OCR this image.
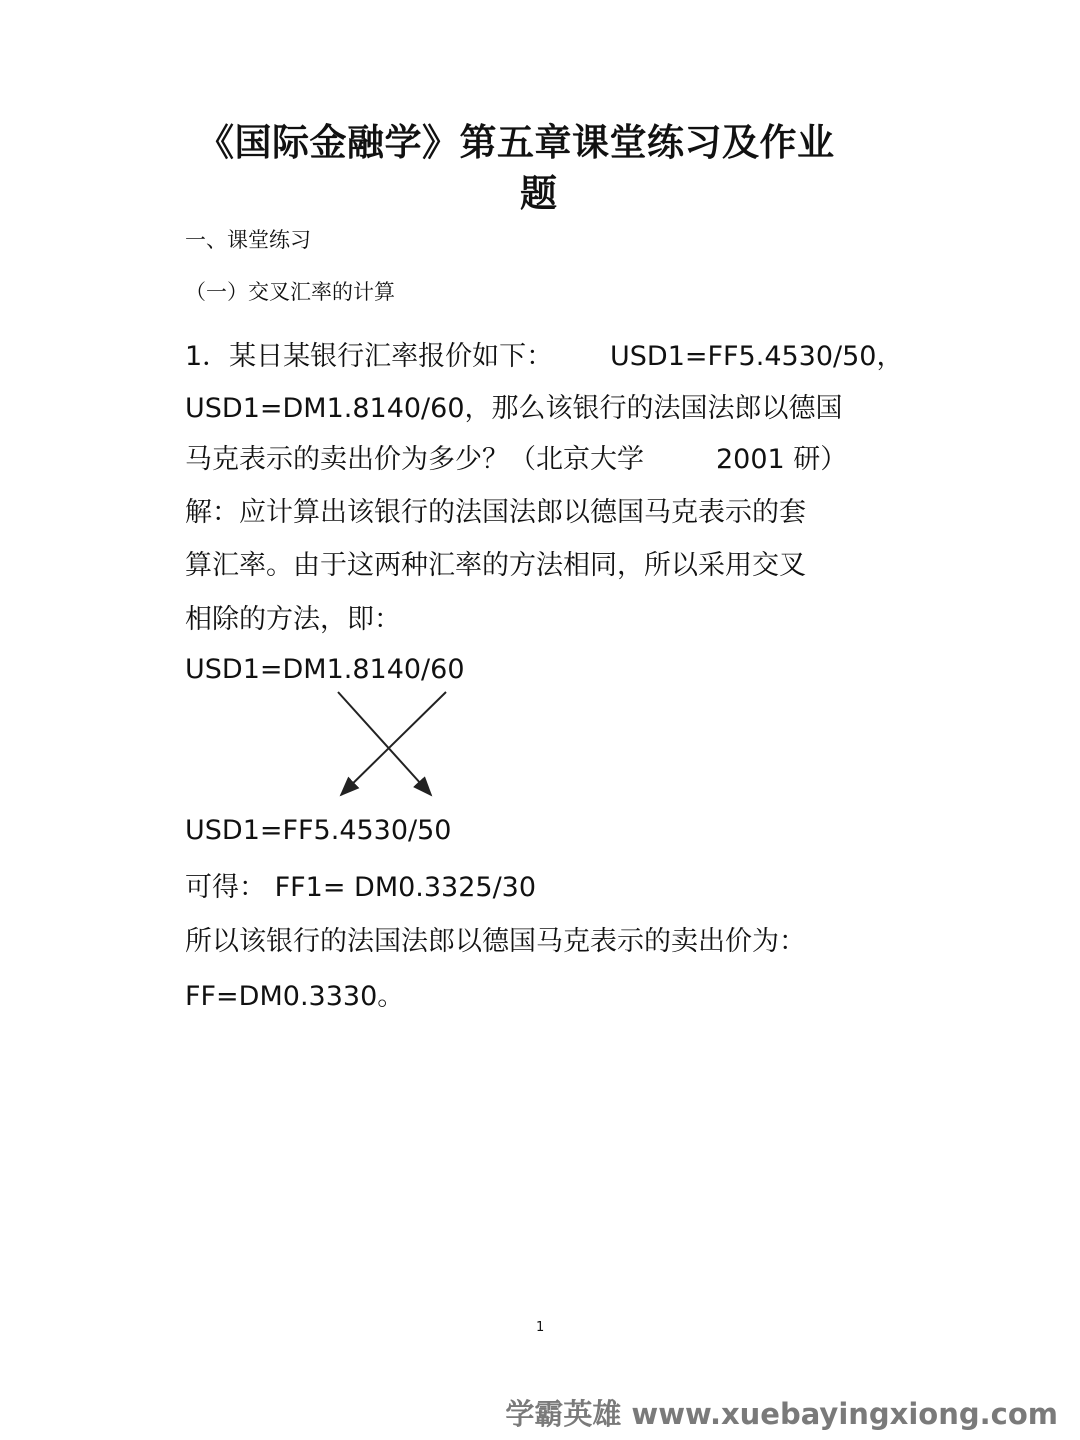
《国际金融学》第五章课堂练习及作业
题
一、课堂练习
（一）交叉汇率的计算
1．某日某银行汇率报价如下： USD1=FF5.4530/50，
USD1=DM1.8140/60，那么该银行的法国法郎以德国
马克表示的卖出价为多少？（北京大学	2001 研）
解：应计算出该银行的法国法郎以德国马克表示的套
算汇率。由于这两种汇率的方法相同，所以采用交叉
相除的方法，即：
USD1=DM1.8140/60
USD1=FF5.4530/50
可得： FF1= DM0.3325/30
所以该银行的法国法郎以德国马克表示的卖出价为：
FF=DM0.3330。
1
学霸英雄 www.xuebayingxiong.com
